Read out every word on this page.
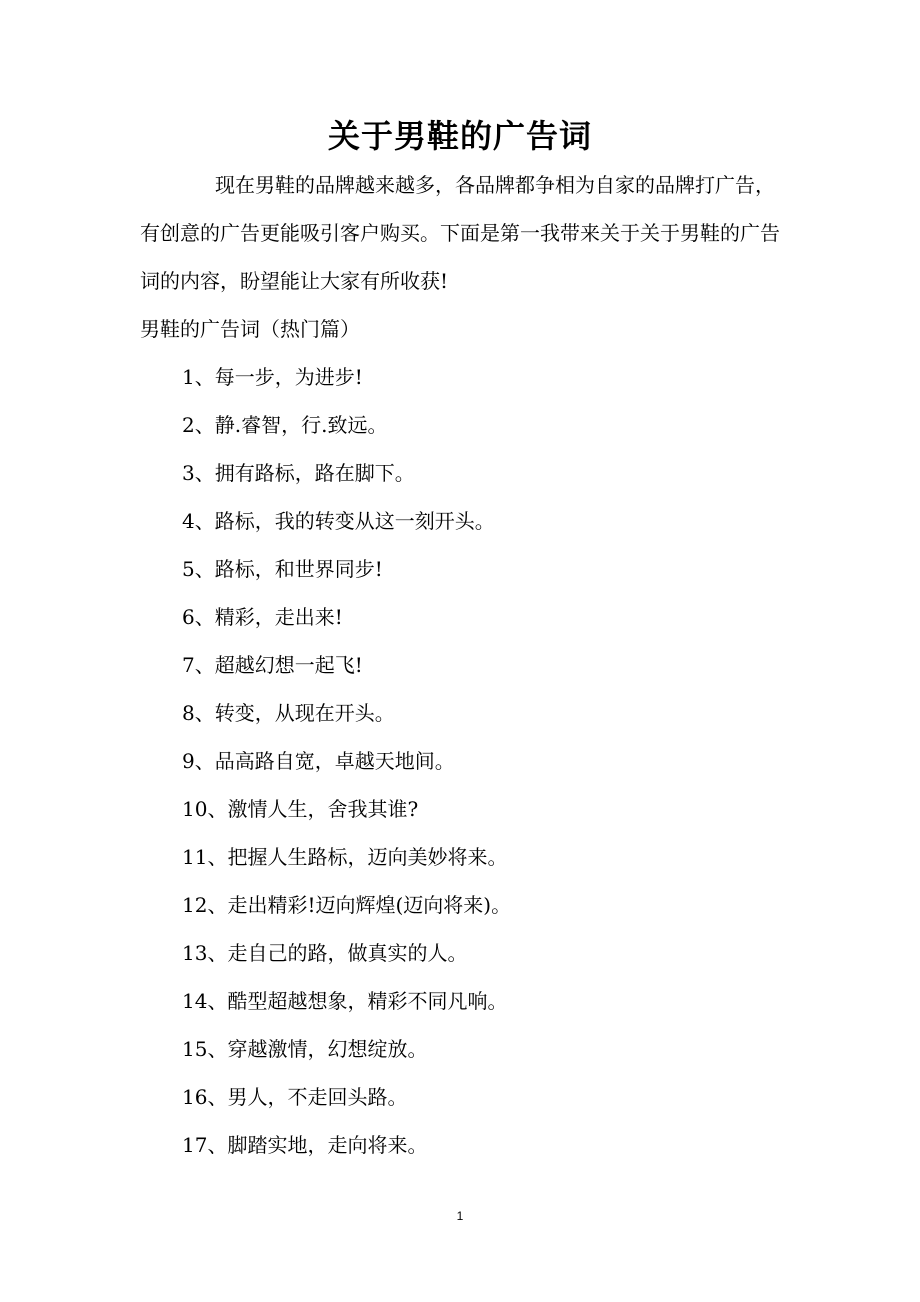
关于男鞋的广告词

现在男鞋的品牌越来越多，各品牌都争相为自家的品牌打广告，有创意的广告更能吸引客户购买。下面是第一我带来关于关于男鞋的广告词的内容，盼望能让大家有所收获!

男鞋的广告词（热门篇）

1、每一步，为进步!
2、静.睿智，行.致远。
3、拥有路标，路在脚下。
4、路标，我的转变从这一刻开头。
5、路标，和世界同步!
6、精彩，走出来!
7、超越幻想一起飞!
8、转变，从现在开头。
9、品高路自宽，卓越天地间。
10、激情人生，舍我其谁?
11、把握人生路标，迈向美妙将来。
12、走出精彩!迈向辉煌(迈向将来)。
13、走自己的路，做真实的人。
14、酷型超越想象，精彩不同凡响。
15、穿越激情，幻想绽放。
16、男人，不走回头路。
17、脚踏实地，走向将来。
1
